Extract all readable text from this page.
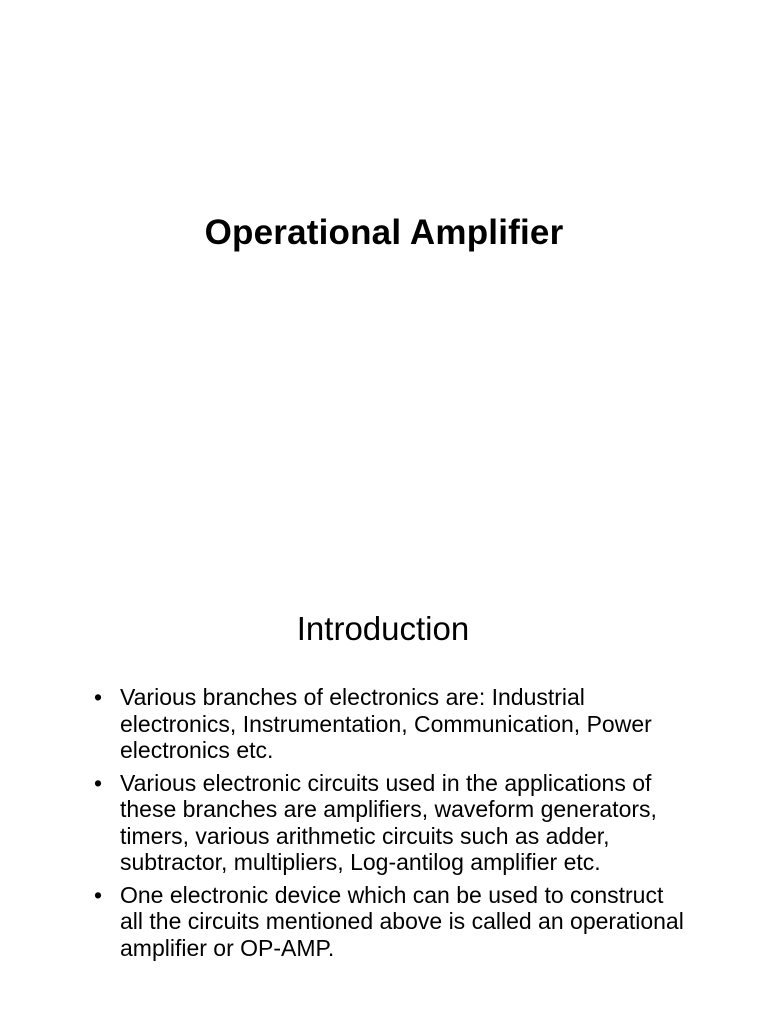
Operational Amplifier
Introduction
• Various branches of electronics are: Industrial electronics, Instrumentation, Communication, Power electronics etc.
• Various electronic circuits used in the applications of these branches are amplifiers, waveform generators, timers, various arithmetic circuits such as adder, subtractor, multipliers, Log-antilog amplifier etc.
• One electronic device which can be used to construct all the circuits mentioned above is called an operational amplifier or OP-AMP.
